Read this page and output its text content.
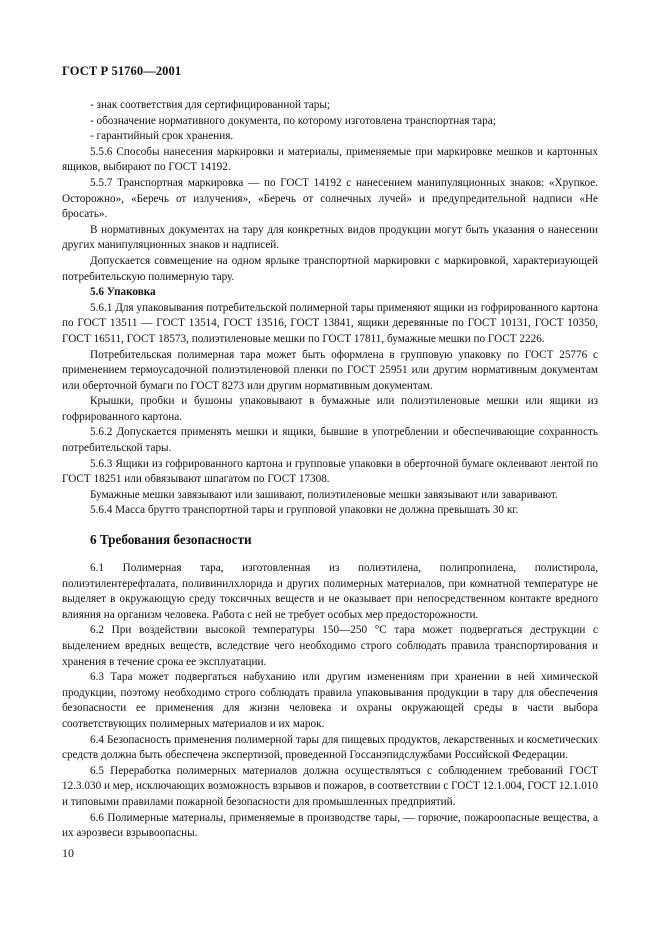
ГОСТ Р 51760—2001

- знак соответствия для сертифицированной тары;

- обозначение нормативного документа, по которому изготовлена транспортная тара;

- гарантийный срок хранения.

5.5.6 Способы нанесения маркировки и материалы, применяемые при маркировке мешков и картонных ящиков, выбирают по ГОСТ 14192.

5.5.7 Транспортная маркировка — по ГОСТ 14192 с нанесением манипуляционных знаков: «Хрупкое. Осторожно», «Беречь от излучения», «Беречь от солнечных лучей» и предупредительной надписи «Не бросать».

В нормативных документах на тару для конкретных видов продукции могут быть указания о нанесении других манипуляционных знаков и надписей.

Допускается совмещение на одном ярлыке транспортной маркировки с маркировкой, характеризующей потребительскую полимерную тару.

5.6 Упаковка

5.6.1 Для упаковывания потребительской полимерной тары применяют ящики из гофрированного картона по ГОСТ 13511 — ГОСТ 13514, ГОСТ 13516, ГОСТ 13841, ящики деревянные по ГОСТ 10131, ГОСТ 10350, ГОСТ 16511, ГОСТ 18573, полиэтиленовые мешки по ГОСТ 17811, бумажные мешки по ГОСТ 2226.

Потребительская полимерная тара может быть оформлена в групповую упаковку по ГОСТ 25776 с применением термоусадочной полиэтиленовой пленки по ГОСТ 25951 или другим нормативным документам или оберточной бумаги по ГОСТ 8273 или другим нормативным документам.

Крышки, пробки и бушоны упаковывают в бумажные или полиэтиленовые мешки или ящики из гофрированного картона.

5.6.2 Допускается применять мешки и ящики, бывшие в употреблении и обеспечивающие сохранность потребительской тары.

5.6.3 Ящики из гофрированного картона и групповые упаковки в оберточной бумаге оклеивают лентой по ГОСТ 18251 или обвязывают шпагатом по ГОСТ 17308.

Бумажные мешки завязывают или зашивают, полиэтиленовые мешки завязывают или заваривают.

5.6.4 Масса брутто транспортной тары и групповой упаковки не должна превышать 30 кг.

6 Требования безопасности

6.1 Полимерная тара, изготовленная из полиэтилена, полипропилена, полистирола, полиэтилентерефталата, поливинилхлорида и других полимерных материалов, при комнатной температуре не выделяет в окружающую среду токсичных веществ и не оказывает при непосредственном контакте вредного влияния на организм человека. Работа с ней не требует особых мер предосторожности.

6.2 При воздействии высокой температуры 150—250 °С тара может подвергаться деструкции с выделением вредных веществ, вследствие чего необходимо строго соблюдать правила транспортирования и хранения в течение срока ее эксплуатации.

6.3 Тара может подвергаться набуханию или другим изменениям при хранении в ней химической продукции, поэтому необходимо строго соблюдать правила упаковывания продукции в тару для обеспечения безопасности ее применения для жизни человека и охраны окружающей среды в части выбора соответствующих полимерных материалов и их марок.

6.4 Безопасность применения полимерной тары для пищевых продуктов, лекарственных и косметических средств должна быть обеспечена экспертизой, проведенной Госсанэпидслужбами Российской Федерации.

6.5 Переработка полимерных материалов должна осуществляться с соблюдением требований ГОСТ 12.3.030 и мер, исключающих возможность взрывов и пожаров, в соответствии с ГОСТ 12.1.004, ГОСТ 12.1.010 и типовыми правилами пожарной безопасности для промышленных предприятий.

6.6 Полимерные материалы, применяемые в производстве тары, — горючие, пожароопасные вещества, а их аэрозвеси взрывоопасны.

10
